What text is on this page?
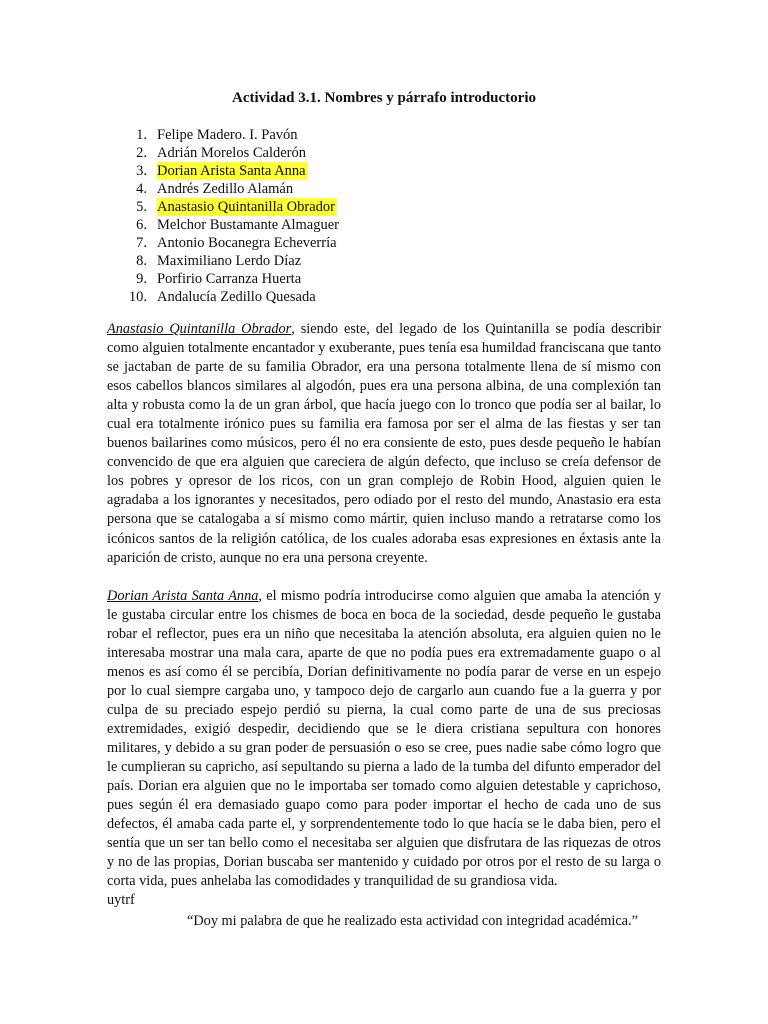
Actividad 3.1. Nombres y párrafo introductorio
1. Felipe Madero. I. Pavón
2. Adrián Morelos Calderón
3. Dorian Arista Santa Anna
4. Andrés Zedillo Alamán
5. Anastasio Quintanilla Obrador
6. Melchor Bustamante Almaguer
7. Antonio Bocanegra Echeverría
8. Maximiliano Lerdo Díaz
9. Porfirio Carranza Huerta
10. Andalucía Zedillo Quesada

Anastasio Quintanilla Obrador, siendo este, del legado de los Quintanilla se podía describir como alguien totalmente encantador y exuberante, pues tenía esa humildad franciscana que tanto se jactaban de parte de su familia Obrador, era una persona totalmente llena de sí mismo con esos cabellos blancos similares al algodón, pues era una persona albina, de una complexión tan alta y robusta como la de un gran árbol, que hacía juego con lo tronco que podía ser al bailar, lo cual era totalmente irónico pues su familia era famosa por ser el alma de las fiestas y ser tan buenos bailarines como músicos, pero él no era consiente de esto, pues desde pequeño le habían convencido de que era alguien que careciera de algún defecto, que incluso se creía defensor de los pobres y opresor de los ricos, con un gran complejo de Robin Hood, alguien quien le agradaba a los ignorantes y necesitados, pero odiado por el resto del mundo, Anastasio era esta persona que se catalogaba a sí mismo como mártir, quien incluso mando a retratarse como los icónicos santos de la religión católica, de los cuales adoraba esas expresiones en éxtasis ante la aparición de cristo, aunque no era una persona creyente.

Dorian Arista Santa Anna, el mismo podría introducirse como alguien que amaba la atención y le gustaba circular entre los chismes de boca en boca de la sociedad, desde pequeño le gustaba robar el reflector, pues era un niño que necesitaba la atención absoluta, era alguien quien no le interesaba mostrar una mala cara, aparte de que no podía pues era extremadamente guapo o al menos es así como él se percibía, Dorian definitivamente no podía parar de verse en un espejo por lo cual siempre cargaba uno, y tampoco dejo de cargarlo aun cuando fue a la guerra y por culpa de su preciado espejo perdió su pierna, la cual como parte de una de sus preciosas extremidades, exigió despedir, decidiendo que se le diera cristiana sepultura con honores militares, y debido a su gran poder de persuasión o eso se cree, pues nadie sabe cómo logro que le cumplieran su capricho, así sepultando su pierna a lado de la tumba del difunto emperador del país. Dorian era alguien que no le importaba ser tomado como alguien detestable y caprichoso, pues según él era demasiado guapo como para poder importar el hecho de cada uno de sus defectos, él amaba cada parte el, y sorprendentemente todo lo que hacía se le daba bien, pero el sentía que un ser tan bello como el necesitaba ser alguien que disfrutara de las riquezas de otros y no de las propias, Dorian buscaba ser mantenido y cuidado por otros por el resto de su larga o corta vida, pues anhelaba las comodidades y tranquilidad de su grandiosa vida.

uytrf

“Doy mi palabra de que he realizado esta actividad con integridad académica.”
